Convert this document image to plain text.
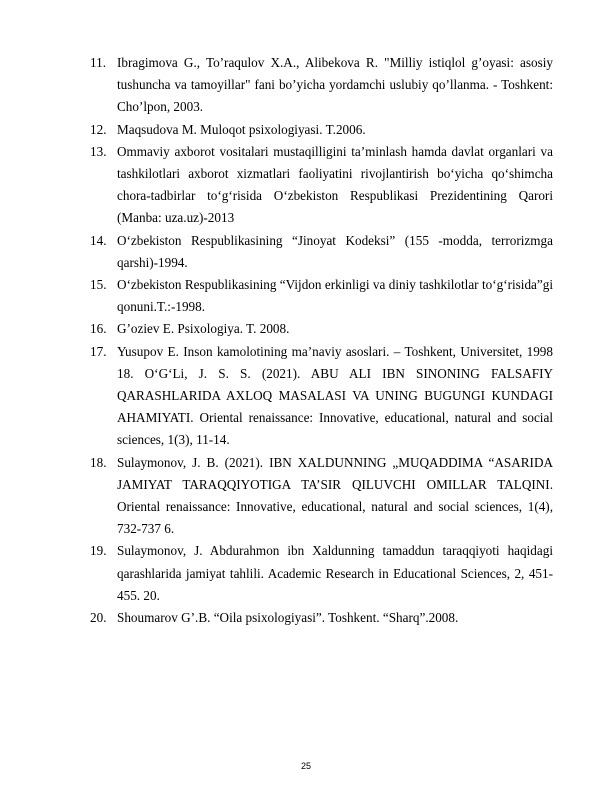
11. Ibragimova G., To’raqulov X.A., Alibekova R. "Milliy istiqlol g’oyasi: asosiy tushuncha va tamoyillar" fani bo’yicha yordamchi uslubiy qo’llanma. - Toshkent: Cho’lpon, 2003.
12. Maqsudova M. Muloqot psixologiyasi. T.2006.
13. Ommaviy axborot vositalari mustaqilligini ta’minlash hamda davlat organlari va tashkilotlari axborot xizmatlari faoliyatini rivojlantirish bo‘yicha qo‘shimcha chora-tadbirlar to‘g‘risida O‘zbekiston Respublikasi Prezidentining Qarori (Manba: uza.uz)-2013
14. O‘zbekiston Respublikasining “Jinoyat Kodeksi” (155 -modda, terrorizmga qarshi)-1994.
15. O‘zbekiston Respublikasining “Vijdon erkinligi va diniy tashkilotlar to‘g‘risida”gi qonuni.T.:-1998.
16. G’oziev E. Psixologiya. T. 2008.
17. Yusupov E. Inson kamolotining ma’naviy asoslari. – Toshkent, Universitet, 1998 18. O‘G‘Li, J. S. S. (2021). ABU ALI IBN SINONING FALSAFIY QARASHLARIDA AXLOQ MASALASI VA UNING BUGUNGI KUNDAGI AHAMIYATI. Oriental renaissance: Innovative, educational, natural and social sciences, 1(3), 11-14.
18. Sulaymonov, J. B. (2021). IBN XALDUNNING „MUQADDIMA “ASARIDA JAMIYAT TARAQQIYOTIGA TA’SIR QILUVCHI OMILLAR TALQINI. Oriental renaissance: Innovative, educational, natural and social sciences, 1(4), 732-737 6.
19. Sulaymonov, J. Abdurahmon ibn Xaldunning tamaddun taraqqiyoti haqidagi qarashlarida jamiyat tahlili. Academic Research in Educational Sciences, 2, 451-455. 20.
20. Shoumarov G’.B. “Oila psixologiyasi”. Toshkent. “Sharq”.2008.
25
